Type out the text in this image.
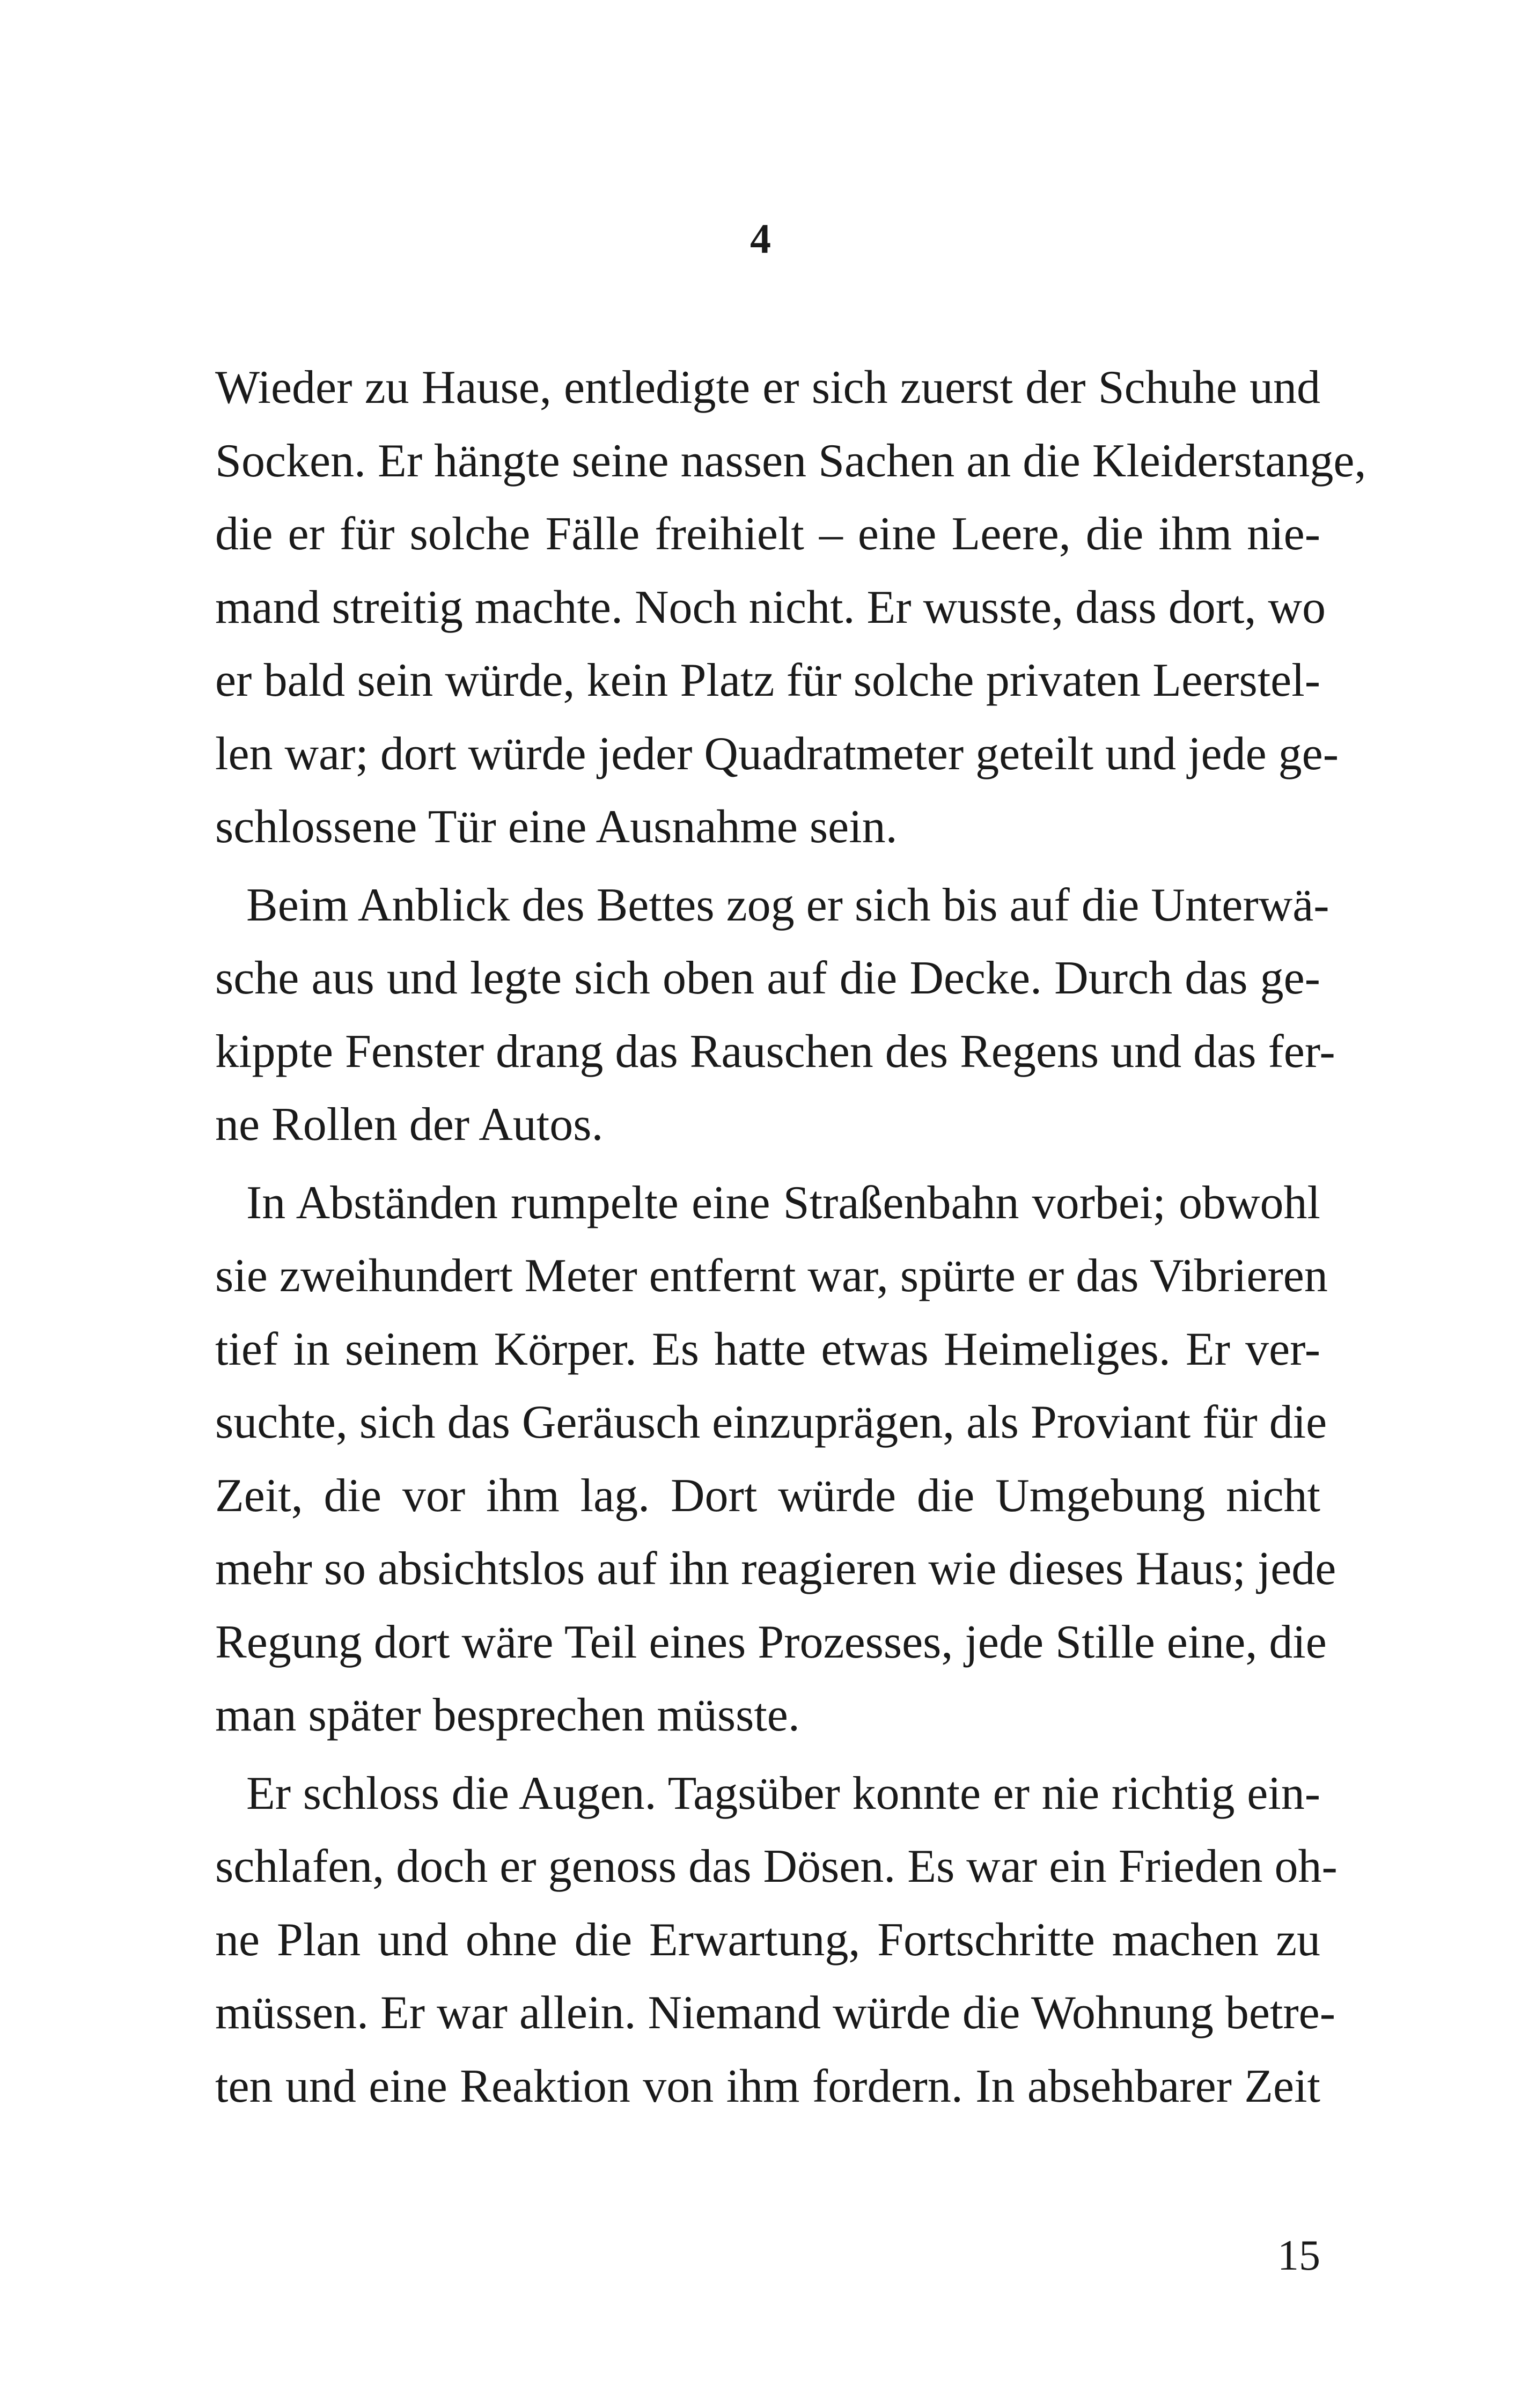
4
Wieder zu Hause, entledigte er sich zuerst der Schuhe und
Socken. Er hängte seine nassen Sachen an die Kleiderstange,
die er für solche Fälle freihielt – eine Leere, die ihm nie-
mand streitig machte. Noch nicht. Er wusste, dass dort, wo
er bald sein würde, kein Platz für solche privaten Leerstel-
len war; dort würde jeder Quadratmeter geteilt und jede ge-
schlossene Tür eine Ausnahme sein.
Beim Anblick des Bettes zog er sich bis auf die Unterwä-
sche aus und legte sich oben auf die Decke. Durch das ge-
kippte Fenster drang das Rauschen des Regens und das fer-
ne Rollen der Autos.
In Abständen rumpelte eine Straßenbahn vorbei; obwohl
sie zweihundert Meter entfernt war, spürte er das Vibrieren
tief in seinem Körper. Es hatte etwas Heimeliges. Er ver-
suchte, sich das Geräusch einzuprägen, als Proviant für die
Zeit, die vor ihm lag. Dort würde die Umgebung nicht
mehr so absichtslos auf ihn reagieren wie dieses Haus; jede
Regung dort wäre Teil eines Prozesses, jede Stille eine, die
man später besprechen müsste.
Er schloss die Augen. Tagsüber konnte er nie richtig ein-
schlafen, doch er genoss das Dösen. Es war ein Frieden oh-
ne Plan und ohne die Erwartung, Fortschritte machen zu
müssen. Er war allein. Niemand würde die Wohnung betre-
ten und eine Reaktion von ihm fordern. In absehbarer Zeit
15
